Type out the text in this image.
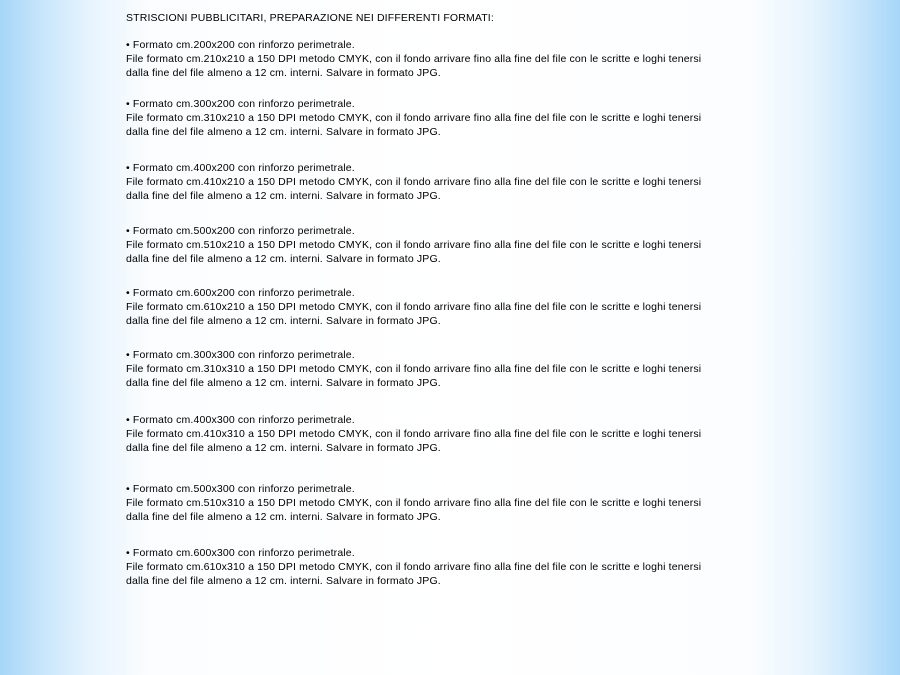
STRISCIONI PUBBLICITARI, PREPARAZIONE NEI DIFFERENTI FORMATI:

• Formato cm.200x200 con rinforzo perimetrale.

File formato cm.210x210 a 150 DPI metodo CMYK, con il fondo arrivare fino alla fine del file con le scritte e loghi tenersi

dalla fine del file almeno a 12 cm. interni. Salvare in formato JPG.

• Formato cm.300x200 con rinforzo perimetrale.

File formato cm.310x210 a 150 DPI metodo CMYK, con il fondo arrivare fino alla fine del file con le scritte e loghi tenersi

dalla fine del file almeno a 12 cm. interni. Salvare in formato JPG.

• Formato cm.400x200 con rinforzo perimetrale.

File formato cm.410x210 a 150 DPI metodo CMYK, con il fondo arrivare fino alla fine del file con le scritte e loghi tenersi

dalla fine del file almeno a 12 cm. interni. Salvare in formato JPG.

• Formato cm.500x200 con rinforzo perimetrale.

File formato cm.510x210 a 150 DPI metodo CMYK, con il fondo arrivare fino alla fine del file con le scritte e loghi tenersi

dalla fine del file almeno a 12 cm. interni. Salvare in formato JPG.

• Formato cm.600x200 con rinforzo perimetrale.

File formato cm.610x210 a 150 DPI metodo CMYK, con il fondo arrivare fino alla fine del file con le scritte e loghi tenersi

dalla fine del file almeno a 12 cm. interni. Salvare in formato JPG.

• Formato cm.300x300 con rinforzo perimetrale.

File formato cm.310x310 a 150 DPI metodo CMYK, con il fondo arrivare fino alla fine del file con le scritte e loghi tenersi

dalla fine del file almeno a 12 cm. interni. Salvare in formato JPG.

• Formato cm.400x300 con rinforzo perimetrale.

File formato cm.410x310 a 150 DPI metodo CMYK, con il fondo arrivare fino alla fine del file con le scritte e loghi tenersi

dalla fine del file almeno a 12 cm. interni. Salvare in formato JPG.

• Formato cm.500x300 con rinforzo perimetrale.

File formato cm.510x310 a 150 DPI metodo CMYK, con il fondo arrivare fino alla fine del file con le scritte e loghi tenersi

dalla fine del file almeno a 12 cm. interni. Salvare in formato JPG.

• Formato cm.600x300 con rinforzo perimetrale.

File formato cm.610x310 a 150 DPI metodo CMYK, con il fondo arrivare fino alla fine del file con le scritte e loghi tenersi

dalla fine del file almeno a 12 cm. interni. Salvare in formato JPG.
